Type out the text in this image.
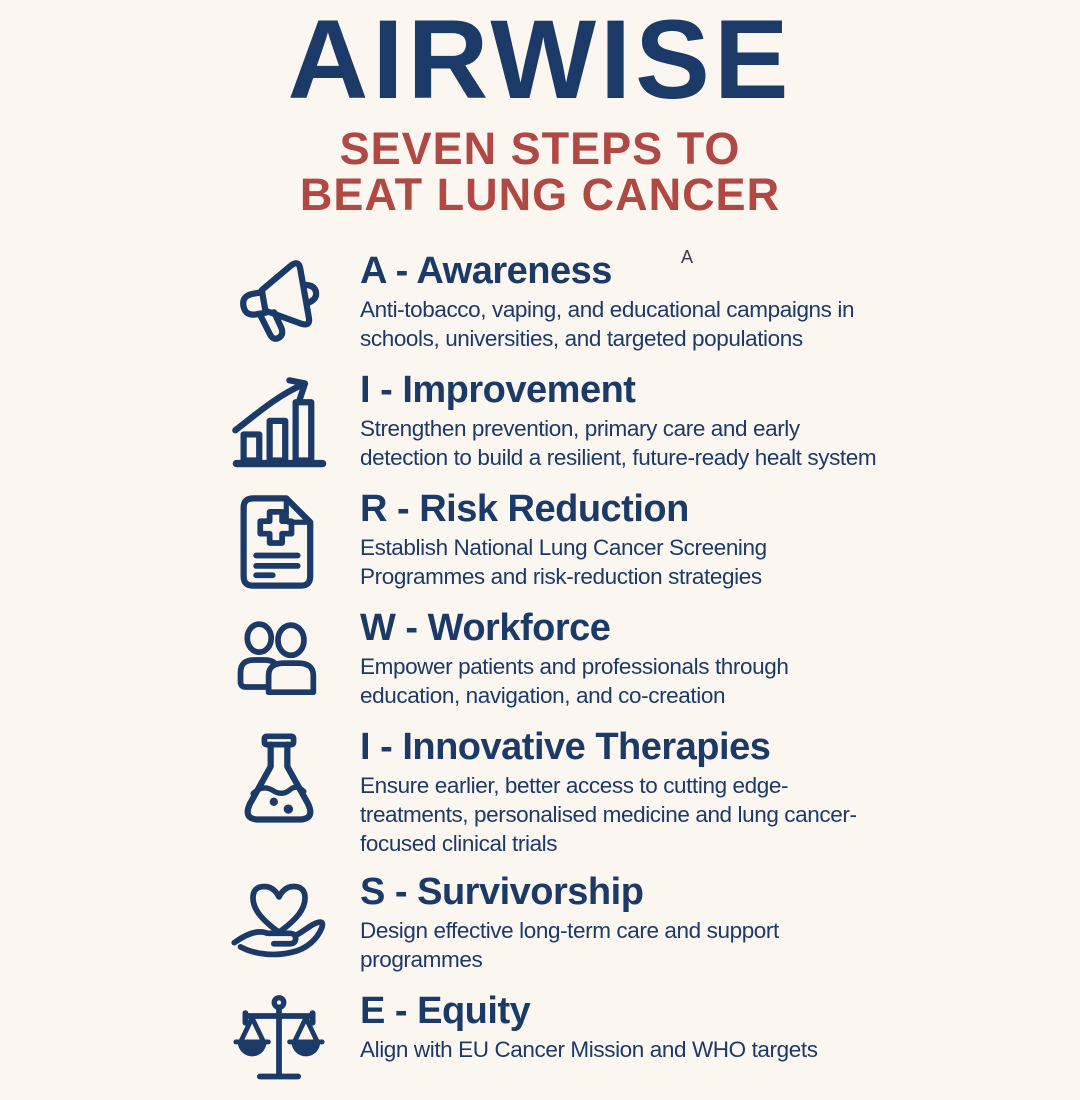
AIRWISE
SEVEN STEPS TO
BEAT LUNG CANCER
A
A - Awareness
Anti-tobacco, vaping, and educational campaigns in schools, universities, and targeted populations
I - Improvement
Strengthen prevention, primary care and early detection to build a resilient, future-ready healt system
R - Risk Reduction
Establish National Lung Cancer Screening Programmes and risk-reduction strategies
W - Workforce
Empower patients and professionals through education, navigation, and co-creation
I - Innovative Therapies
Ensure earlier, better access to cutting edge-treatments, personalised medicine and lung cancer-focused clinical trials
S - Survivorship
Design effective long-term care and support programmes
E - Equity
Align with EU Cancer Mission and WHO targets
